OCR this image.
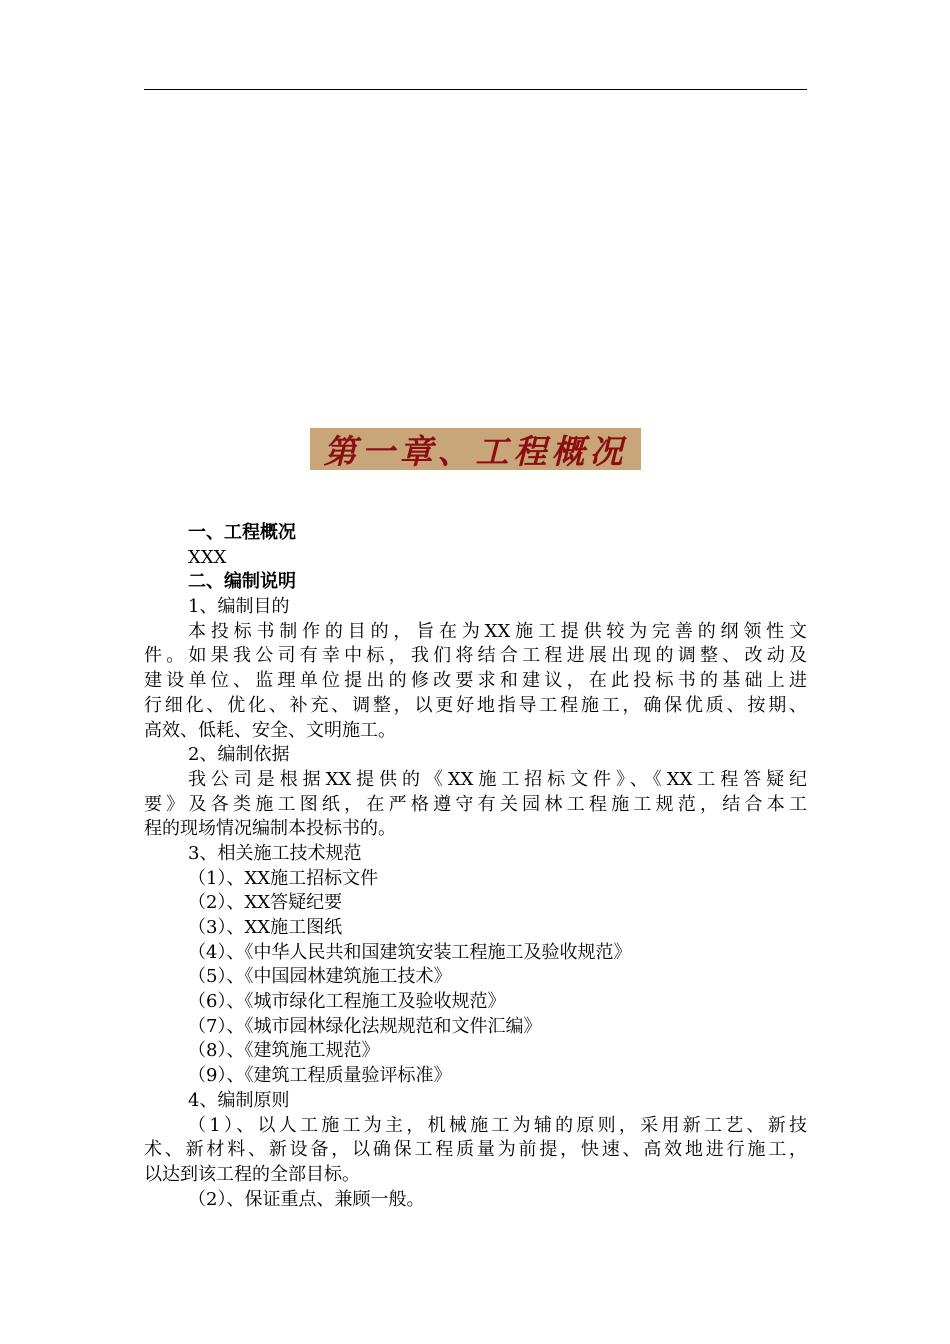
第一章、工程概况
一、工程概况
XXX
二、编制说明
1、编制目的
本投标书制作的目的，旨在为XX施工提供较为完善的纲领性文
件。如果我公司有幸中标，我们将结合工程进展出现的调整、改动及
建设单位、监理单位提出的修改要求和建议，在此投标书的基础上进
行细化、优化、补充、调整，以更好地指导工程施工，确保优质、按期、
高效、低耗、安全、文明施工。
2、编制依据
我公司是根据XX提供的《XX施工招标文件》、《XX工程答疑纪
要》及各类施工图纸，在严格遵守有关园林工程施工规范，结合本工
程的现场情况编制本投标书的。
3、相关施工技术规范
（1）、XX施工招标文件
（2）、XX答疑纪要
（3）、XX施工图纸
（4）、《中华人民共和国建筑安装工程施工及验收规范》
（5）、《中国园林建筑施工技术》
（6）、《城市绿化工程施工及验收规范》
（7）、《城市园林绿化法规规范和文件汇编》
（8）、《建筑施工规范》
（9）、《建筑工程质量验评标准》
4、编制原则
（1）、以人工施工为主，机械施工为辅的原则，采用新工艺、新技
术、新材料、新设备，以确保工程质量为前提，快速、高效地进行施工，
以达到该工程的全部目标。
（2）、保证重点、兼顾一般。
